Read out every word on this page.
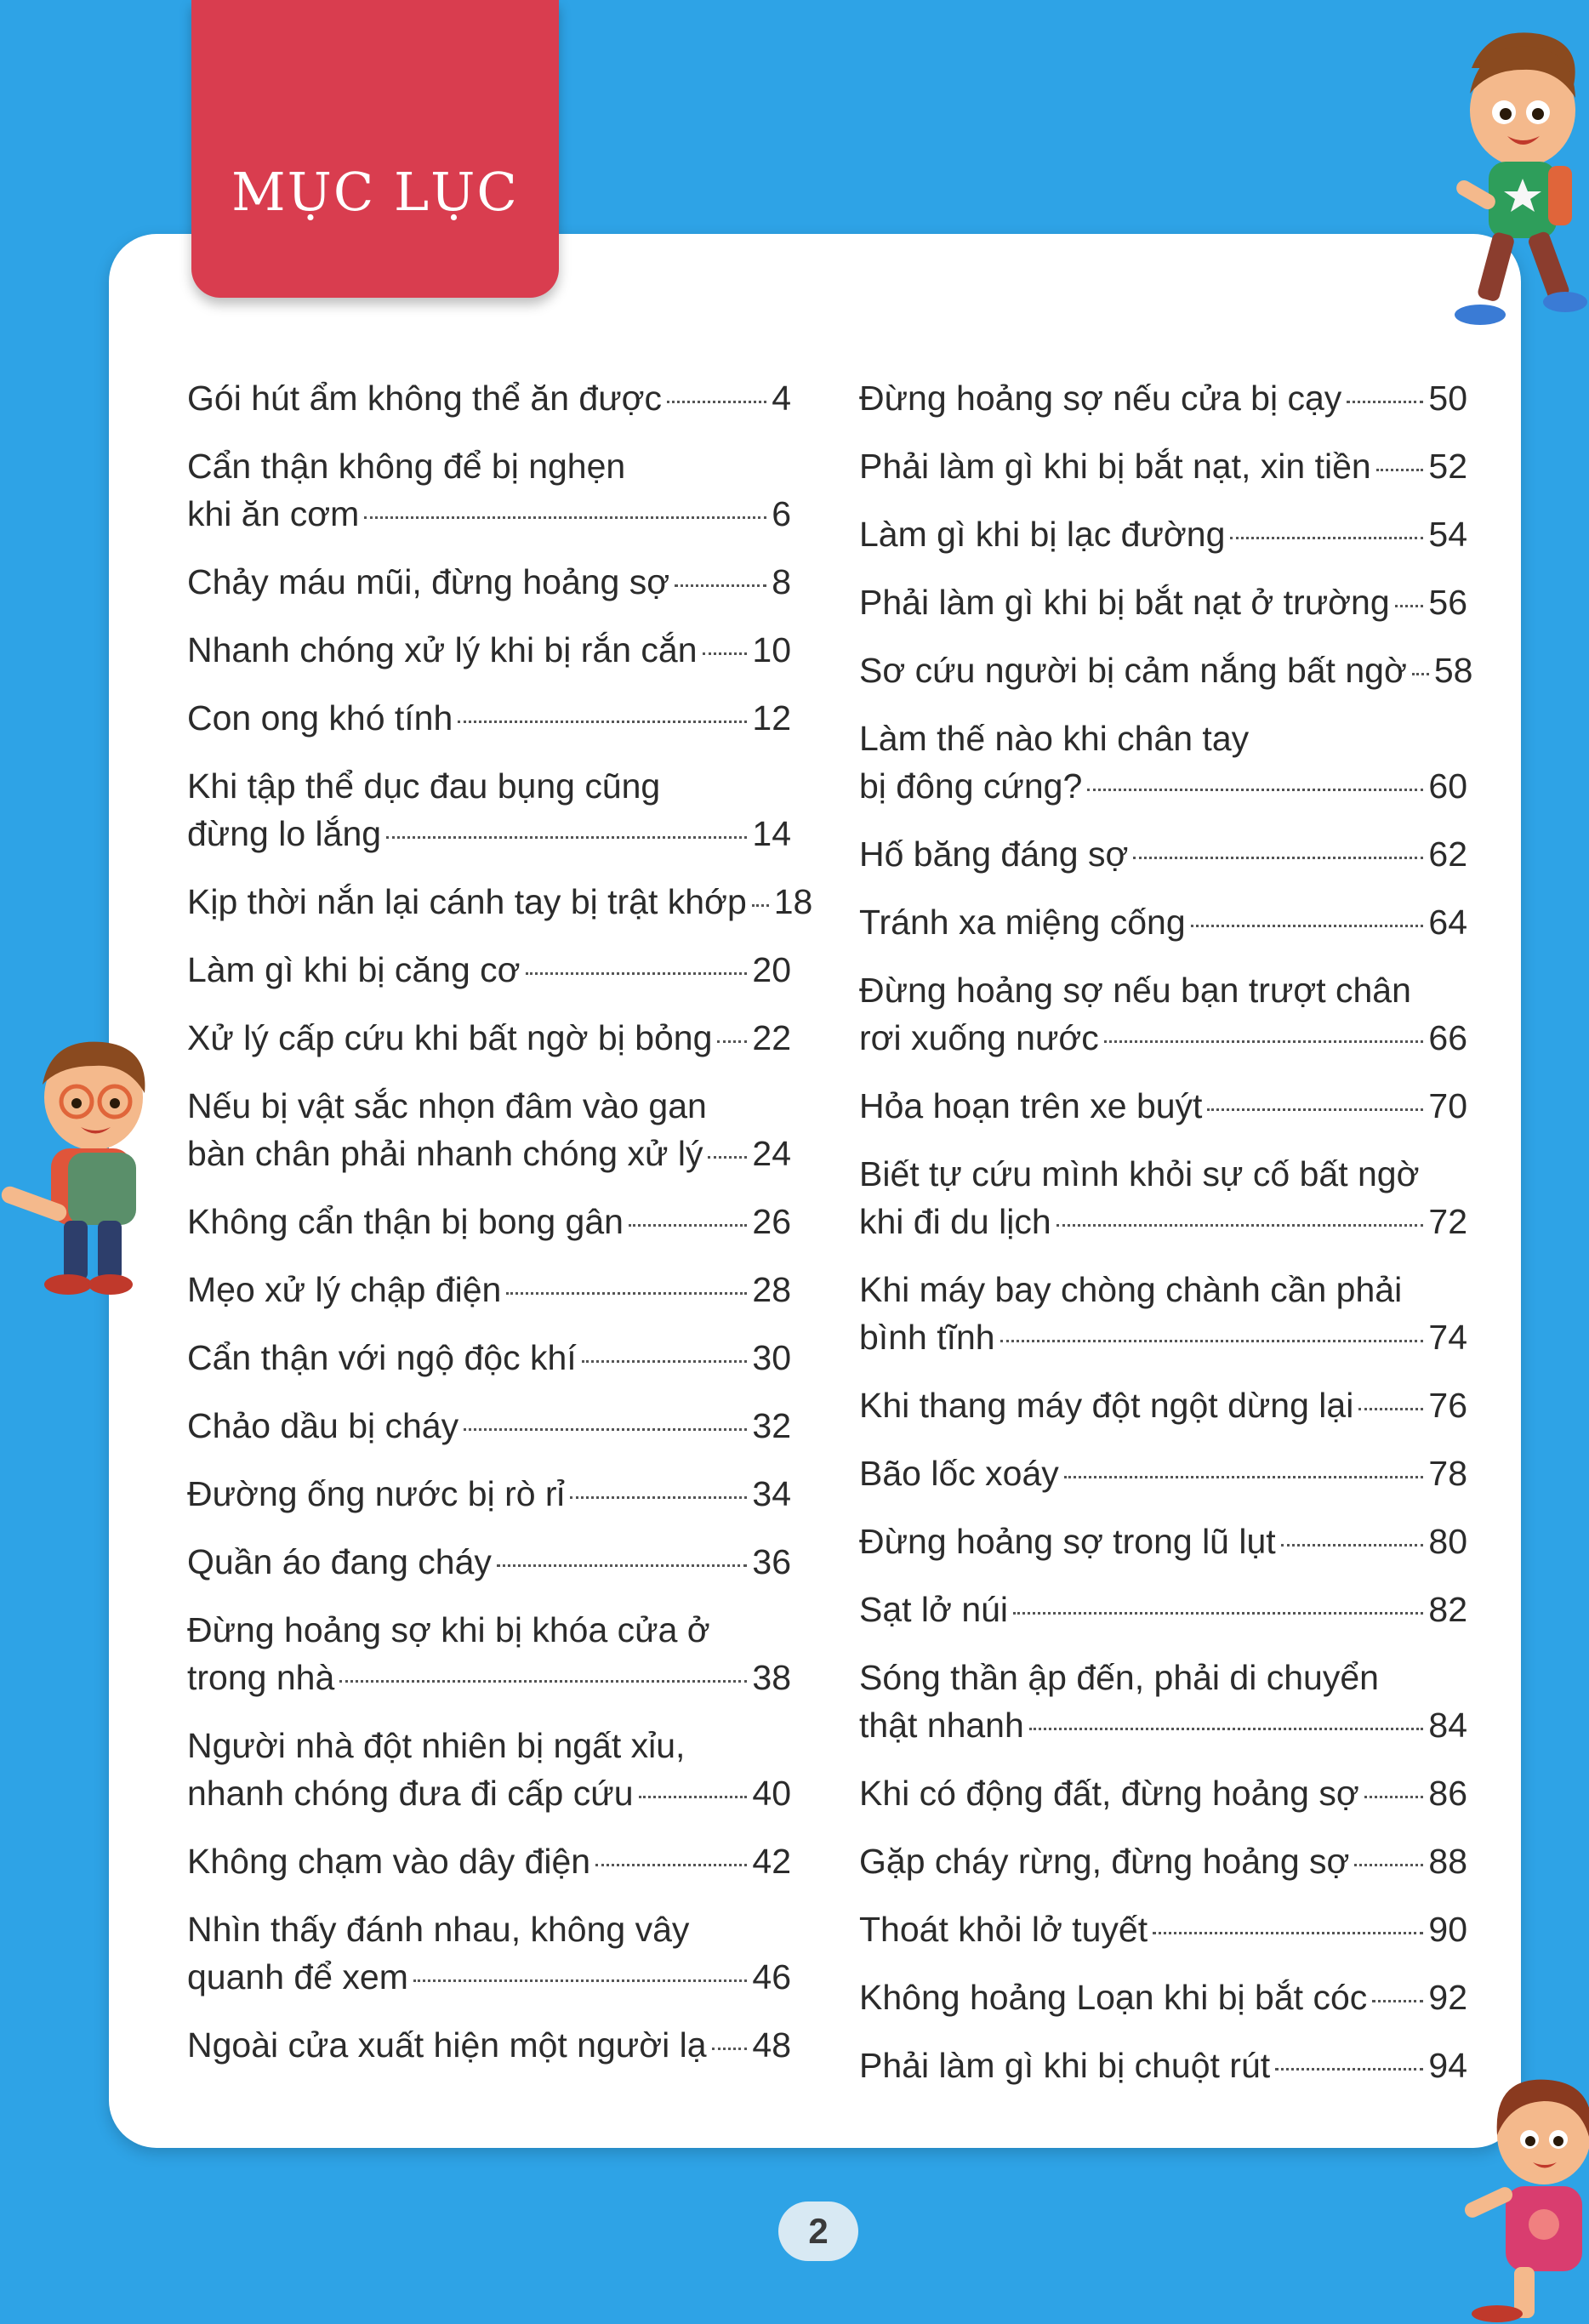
MỤC LỤC
Gói hút ẩm không thể ăn được	4
Cẩn thận không để bị nghẹn
khi ăn cơm	6
Chảy máu mũi, đừng hoảng sợ	8
Nhanh chóng xử lý khi bị rắn cắn 10
Con ong khó tính	12
Khi tập thể dục đau bụng cũng
đừng lo lắng	14
Kịp thời nắn lại cánh tay bị trật khớp 18
Làm gì khi bị căng cơ	20
Xử lý cấp cứu khi bất ngờ bị bỏng 22
Nếu bị vật sắc nhọn đâm vào gan
bàn chân phải nhanh chóng xử lý 24
Không cẩn thận bị bong gân	26
Mẹo xử lý chập điện	28
Cẩn thận với ngộ độc khí	30
Chảo dầu bị cháy	32
Đường ống nước bị rò rỉ	34
Quần áo đang cháy	36
Đừng hoảng sợ khi bị khóa cửa ở
trong nhà	38
Người nhà đột nhiên bị ngất xỉu,
nhanh chóng đưa đi cấp cứu	40
Không chạm vào dây điện	42
Nhìn thấy đánh nhau, không vây
quanh để xem	46
Ngoài cửa xuất hiện một người lạ 48
Đừng hoảng sợ nếu cửa bị cạy 50
Phải làm gì khi bị bắt nạt, xin tiền 52
Làm gì khi bị lạc đường	54
Phải làm gì khi bị bắt nạt ở trường 56
Sơ cứu người bị cảm nắng bất ngờ 58
Làm thế nào khi chân tay
bị đông cứng?	60
Hố băng đáng sợ	62
Tránh xa miệng cống	64
Đừng hoảng sợ nếu bạn trượt chân
rơi xuống nước	66
Hỏa hoạn trên xe buýt	70
Biết tự cứu mình khỏi sự cố bất ngờ
khi đi du lịch	72
Khi máy bay chòng chành cần phải
bình tĩnh	74
Khi thang máy đột ngột dừng lại 76
Bão lốc xoáy	78
Đừng hoảng sợ trong lũ lụt	80
Sạt lở núi	82
Sóng thần ập đến, phải di chuyển
thật nhanh	84
Khi có động đất, đừng hoảng sợ 86
Gặp cháy rừng, đừng hoảng sợ 88
Thoát khỏi lở tuyết	90
Không hoảng Loạn khi bị bắt cóc 92
Phải làm gì khi bị chuột rút	94
2
